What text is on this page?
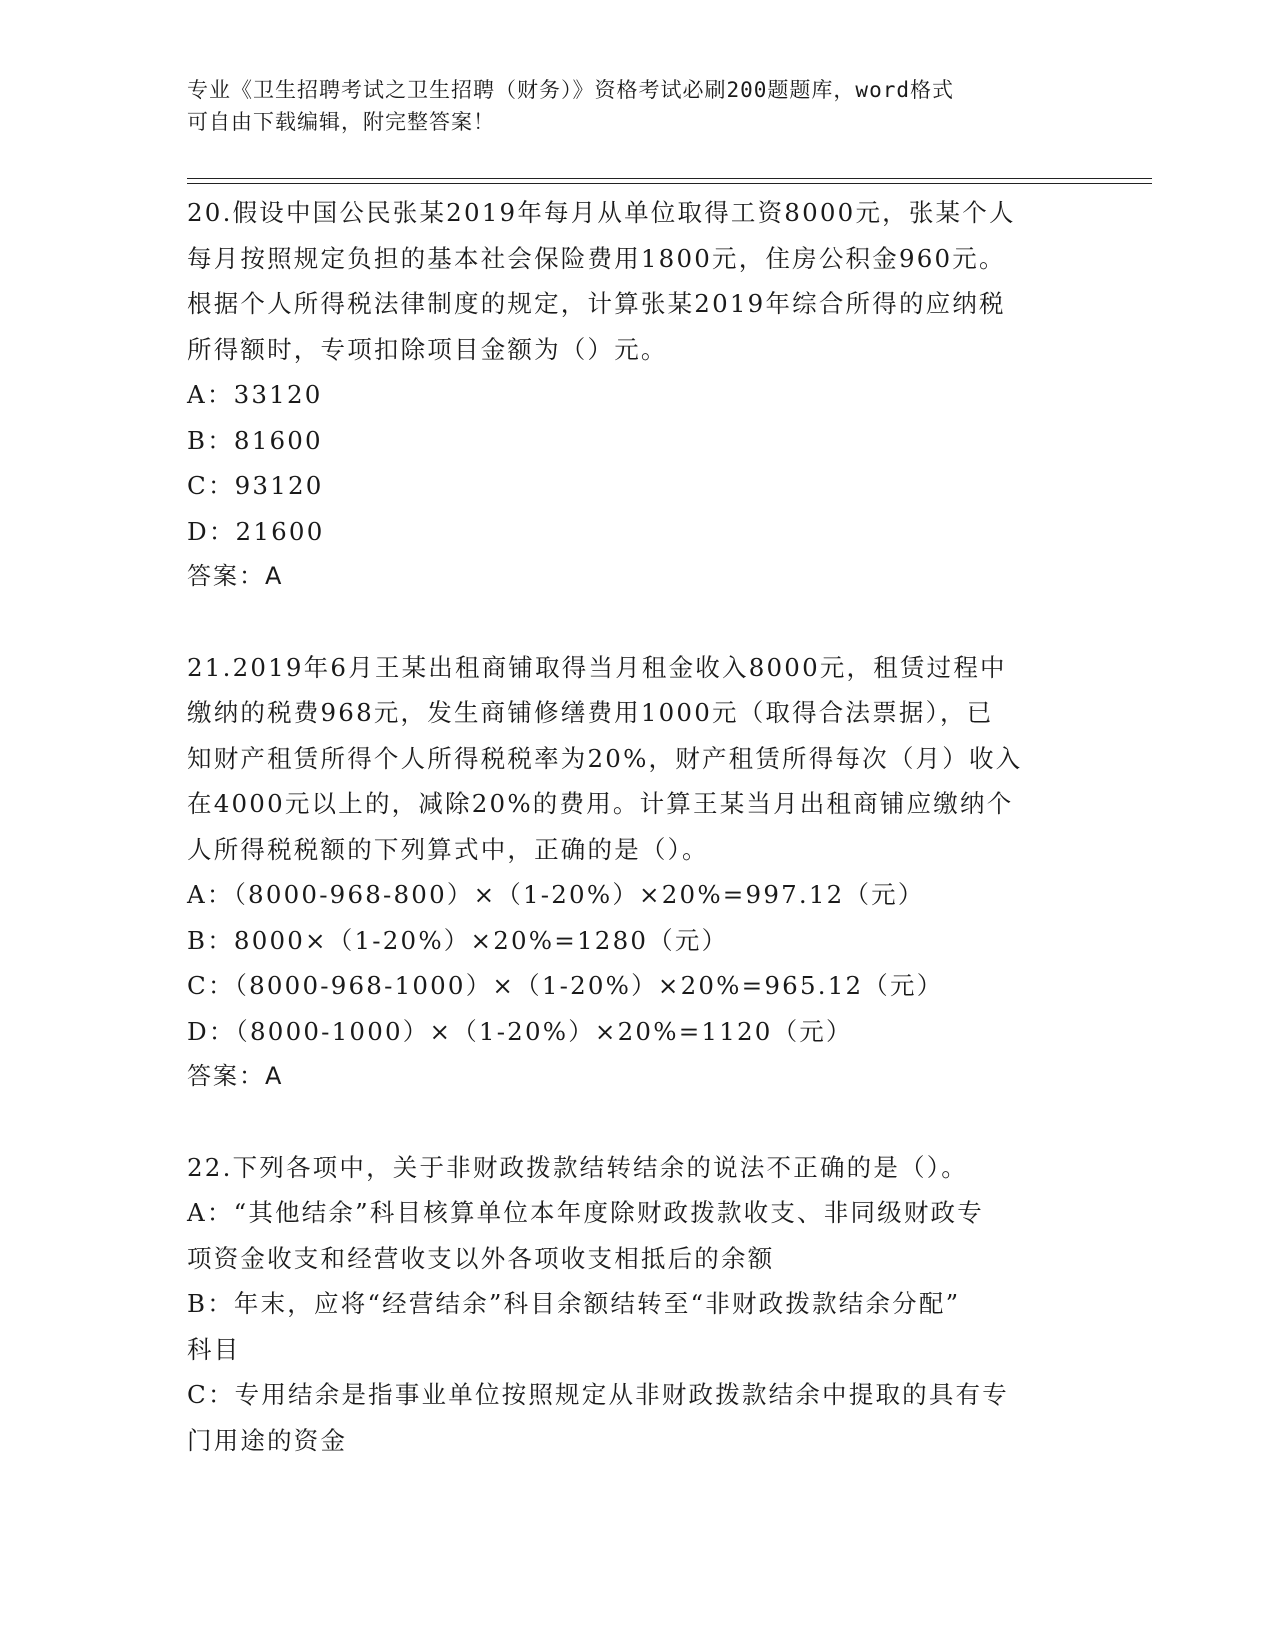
专业《卫生招聘考试之卫生招聘（财务）》资格考试必刷200题题库，word格式
可自由下载编辑，附完整答案！
20.假设中国公民张某2019年每月从单位取得工资8000元，张某个人
每月按照规定负担的基本社会保险费用1800元，住房公积金960元。
根据个人所得税法律制度的规定，计算张某2019年综合所得的应纳税
所得额时，专项扣除项目金额为（）元。
A：33120
B：81600
C：93120
D：21600
答案：A
21.2019年6月王某出租商铺取得当月租金收入8000元，租赁过程中
缴纳的税费968元，发生商铺修缮费用1000元（取得合法票据），已
知财产租赁所得个人所得税税率为20%，财产租赁所得每次（月）收入
在4000元以上的，减除20%的费用。计算王某当月出租商铺应缴纳个
人所得税税额的下列算式中，正确的是（）。
A：（8000-968-800）×（1-20%）×20%=997.12（元）
B：8000×（1-20%）×20%=1280（元）
C：（8000-968-1000）×（1-20%）×20%=965.12（元）
D：（8000-1000）×（1-20%）×20%=1120（元）
答案：A
22.下列各项中，关于非财政拨款结转结余的说法不正确的是（）。
A：“其他结余”科目核算单位本年度除财政拨款收支、非同级财政专
项资金收支和经营收支以外各项收支相抵后的余额
B：年末，应将“经营结余”科目余额结转至“非财政拨款结余分配”
科目
C：专用结余是指事业单位按照规定从非财政拨款结余中提取的具有专
门用途的资金
